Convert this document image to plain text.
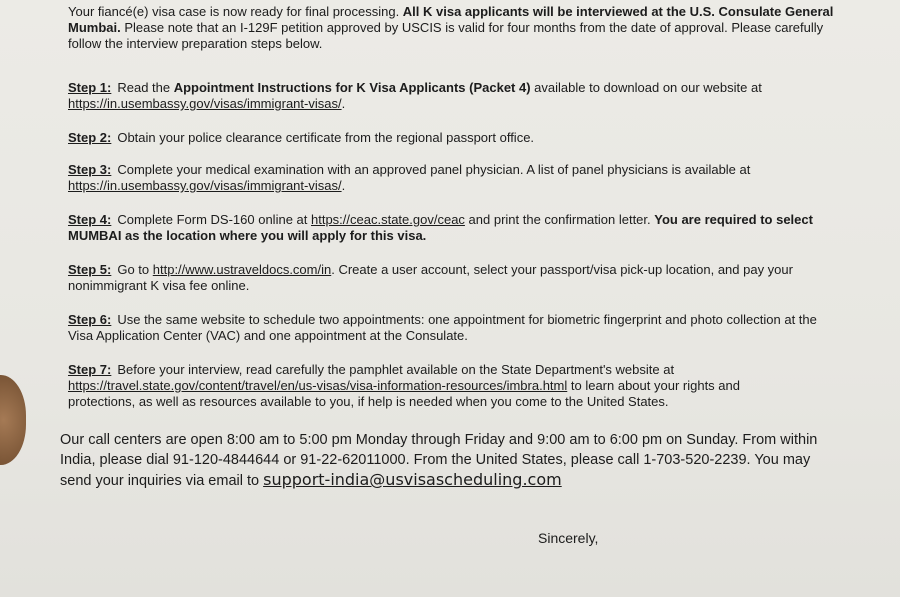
Your fiancé(e) visa case is now ready for final processing. All K visa applicants will be interviewed at the U.S. Consulate General
Mumbai. Please note that an I-129F petition approved by USCIS is valid for four months from the date of approval. Please carefully
follow the interview preparation steps below.
Step 1: Read the Appointment Instructions for K Visa Applicants (Packet 4) available to download on our website at
https://in.usembassy.gov/visas/immigrant-visas/.
Step 2: Obtain your police clearance certificate from the regional passport office.
Step 3: Complete your medical examination with an approved panel physician. A list of panel physicians is available at
https://in.usembassy.gov/visas/immigrant-visas/.
Step 4: Complete Form DS-160 online at https://ceac.state.gov/ceac and print the confirmation letter. You are required to select
MUMBAI as the location where you will apply for this visa.
Step 5: Go to http://www.ustraveldocs.com/in. Create a user account, select your passport/visa pick-up location, and pay your
nonimmigrant K visa fee online.
Step 6: Use the same website to schedule two appointments: one appointment for biometric fingerprint and photo collection at the
Visa Application Center (VAC) and one appointment at the Consulate.
Step 7: Before your interview, read carefully the pamphlet available on the State Department's website at
https://travel.state.gov/content/travel/en/us-visas/visa-information-resources/imbra.html to learn about your rights and
protections, as well as resources available to you, if help is needed when you come to the United States.
Our call centers are open 8:00 am to 5:00 pm Monday through Friday and 9:00 am to 6:00 pm on Sunday. From within
India, please dial 91-120-4844644 or 91-22-62011000. From the United States, please call 1-703-520-2239. You may
send your inquiries via email to support-india@usvisascheduling.com
Sincerely,
